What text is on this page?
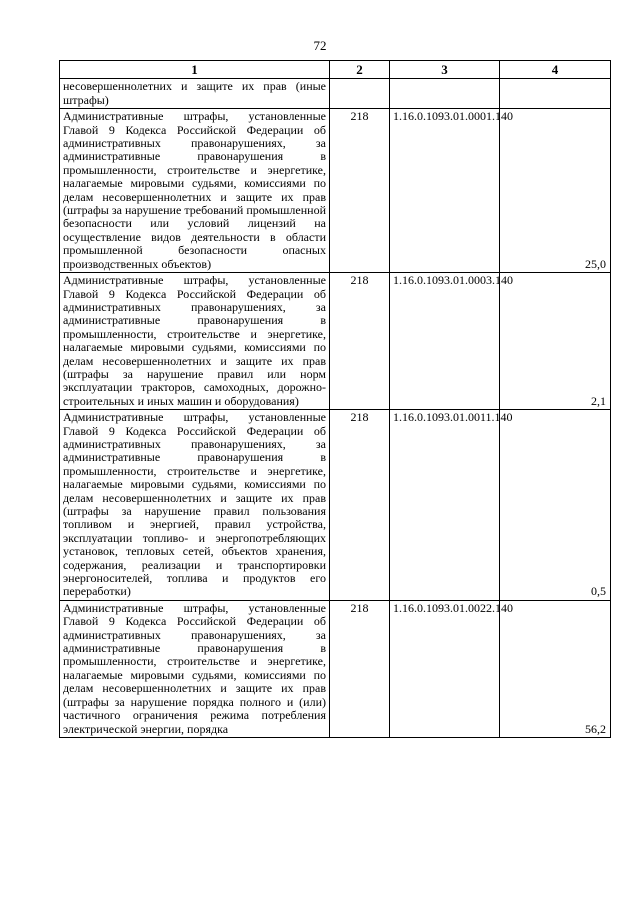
72
1	2	3	4
несовершеннолетних и защите их прав (иные штрафы)			
Административные штрафы, установленные Главой 9 Кодекса Российской Федерации об административных правонарушениях, за административные правонарушения в промышленности, строительстве и энергетике, налагаемые мировыми судьями, комиссиями по делам несовершеннолетних и защите их прав (штрафы за нарушение требований промышленной безопасности или условий лицензий на осуществление видов деятельности в области промышленной безопасности опасных производственных объектов)	218	1.16.0.1093.01.0001.140	25,0
Административные штрафы, установленные Главой 9 Кодекса Российской Федерации об административных правонарушениях, за административные правонарушения в промышленности, строительстве и энергетике, налагаемые мировыми судьями, комиссиями по делам несовершеннолетних и защите их прав (штрафы за нарушение правил или норм эксплуатации тракторов, самоходных, дорожно-строительных и иных машин и оборудования)	218	1.16.0.1093.01.0003.140	2,1
Административные штрафы, установленные Главой 9 Кодекса Российской Федерации об административных правонарушениях, за административные правонарушения в промышленности, строительстве и энергетике, налагаемые мировыми судьями, комиссиями по делам несовершеннолетних и защите их прав (штрафы за нарушение правил пользования топливом и энергией, правил устройства, эксплуатации топливо- и энергопотребляющих установок, тепловых сетей, объектов хранения, содержания, реализации и транспортировки энергоносителей, топлива и продуктов его переработки)	218	1.16.0.1093.01.0011.140	0,5
Административные штрафы, установленные Главой 9 Кодекса Российской Федерации об административных правонарушениях, за административные правонарушения в промышленности, строительстве и энергетике, налагаемые мировыми судьями, комиссиями по делам несовершеннолетних и защите их прав (штрафы за нарушение порядка полного и (или) частичного ограничения режима потребления электрической энергии, порядка	218	1.16.0.1093.01.0022.140	56,2
